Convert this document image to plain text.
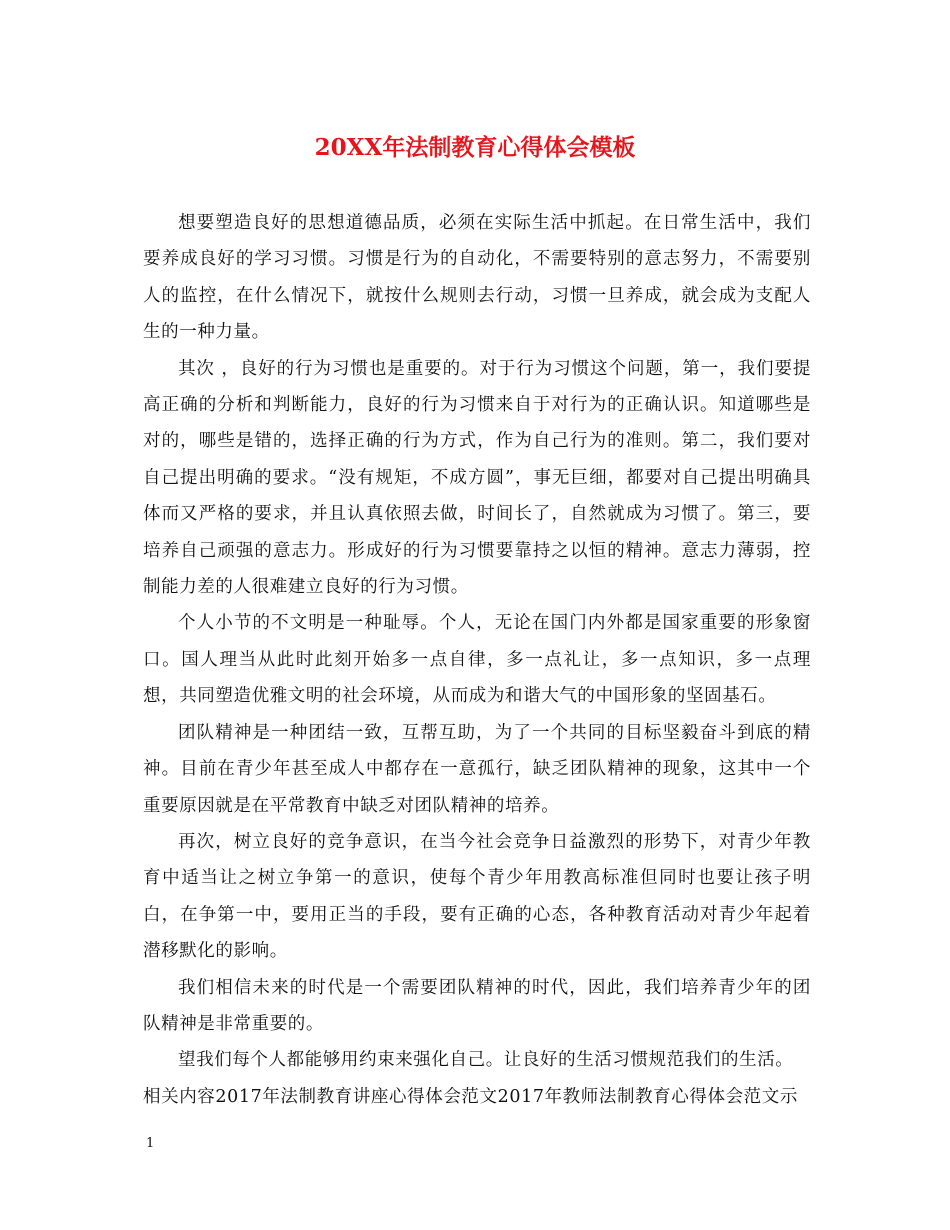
20XX年法制教育心得体会模板

想要塑造良好的思想道德品质，必须在实际生活中抓起。在日常生活中，我们要养成良好的学习习惯。习惯是行为的自动化，不需要特别的意志努力，不需要别人的监控，在什么情况下，就按什么规则去行动，习惯一旦养成，就会成为支配人生的一种力量。

其次 ，良好的行为习惯也是重要的。对于行为习惯这个问题，第一，我们要提高正确的分析和判断能力，良好的行为习惯来自于对行为的正确认识。知道哪些是对的，哪些是错的，选择正确的行为方式，作为自己行为的准则。第二，我们要对自己提出明确的要求。“没有规矩，不成方圆”，事无巨细，都要对自己提出明确具体而又严格的要求，并且认真依照去做，时间长了，自然就成为习惯了。第三，要培养自己顽强的意志力。形成好的行为习惯要靠持之以恒的精神。意志力薄弱，控制能力差的人很难建立良好的行为习惯。

个人小节的不文明是一种耻辱。个人，无论在国门内外都是国家重要的形象窗口。国人理当从此时此刻开始多一点自律，多一点礼让，多一点知识，多一点理想，共同塑造优雅文明的社会环境，从而成为和谐大气的中国形象的坚固基石。

团队精神是一种团结一致，互帮互助，为了一个共同的目标坚毅奋斗到底的精神。目前在青少年甚至成人中都存在一意孤行，缺乏团队精神的现象，这其中一个重要原因就是在平常教育中缺乏对团队精神的培养。

再次，树立良好的竞争意识，在当今社会竞争日益激烈的形势下，对青少年教育中适当让之树立争第一的意识，使每个青少年用教高标准但同时也要让孩子明白，在争第一中，要用正当的手段，要有正确的心态，各种教育活动对青少年起着潜移默化的影响。

我们相信未来的时代是一个需要团队精神的时代，因此，我们培养青少年的团队精神是非常重要的。

望我们每个人都能够用约束来强化自己。让良好的生活习惯规范我们的生活。

相关内容2017年法制教育讲座心得体会范文2017年教师法制教育心得体会范文示

1
